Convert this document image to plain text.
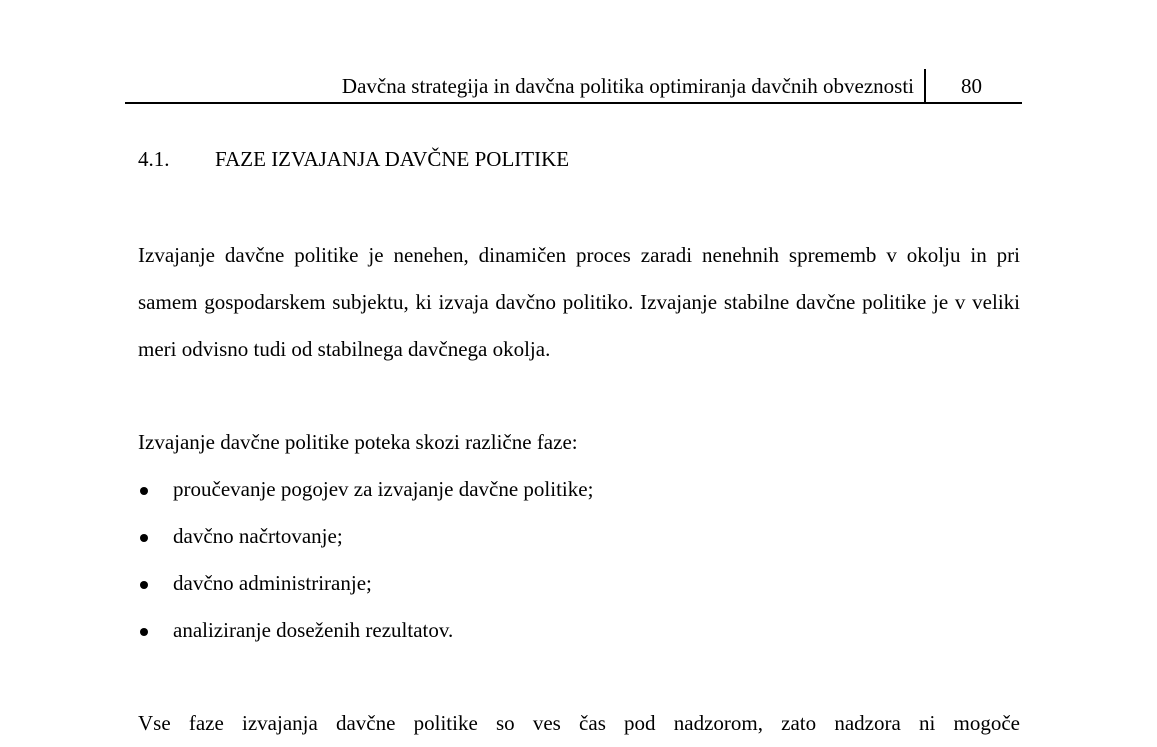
Davčna strategija in davčna politika optimiranja davčnih obveznosti 80
4.1. FAZE IZVAJANJA DAVČNE POLITIKE

Izvajanje davčne politike je nenehen, dinamičen proces zaradi nenehnih sprememb v okolju in pri samem gospodarskem subjektu, ki izvaja davčno politiko. Izvajanje stabilne davčne politike je v veliki meri odvisno tudi od stabilnega davčnega okolja.

Izvajanje davčne politike poteka skozi različne faze:

proučevanje pogojev za izvajanje davčne politike;
davčno načrtovanje;
davčno administriranje;
analiziranje doseženih rezultatov.

Vse faze izvajanja davčne politike so ves čas pod nadzorom, zato nadzora ni mogoče
